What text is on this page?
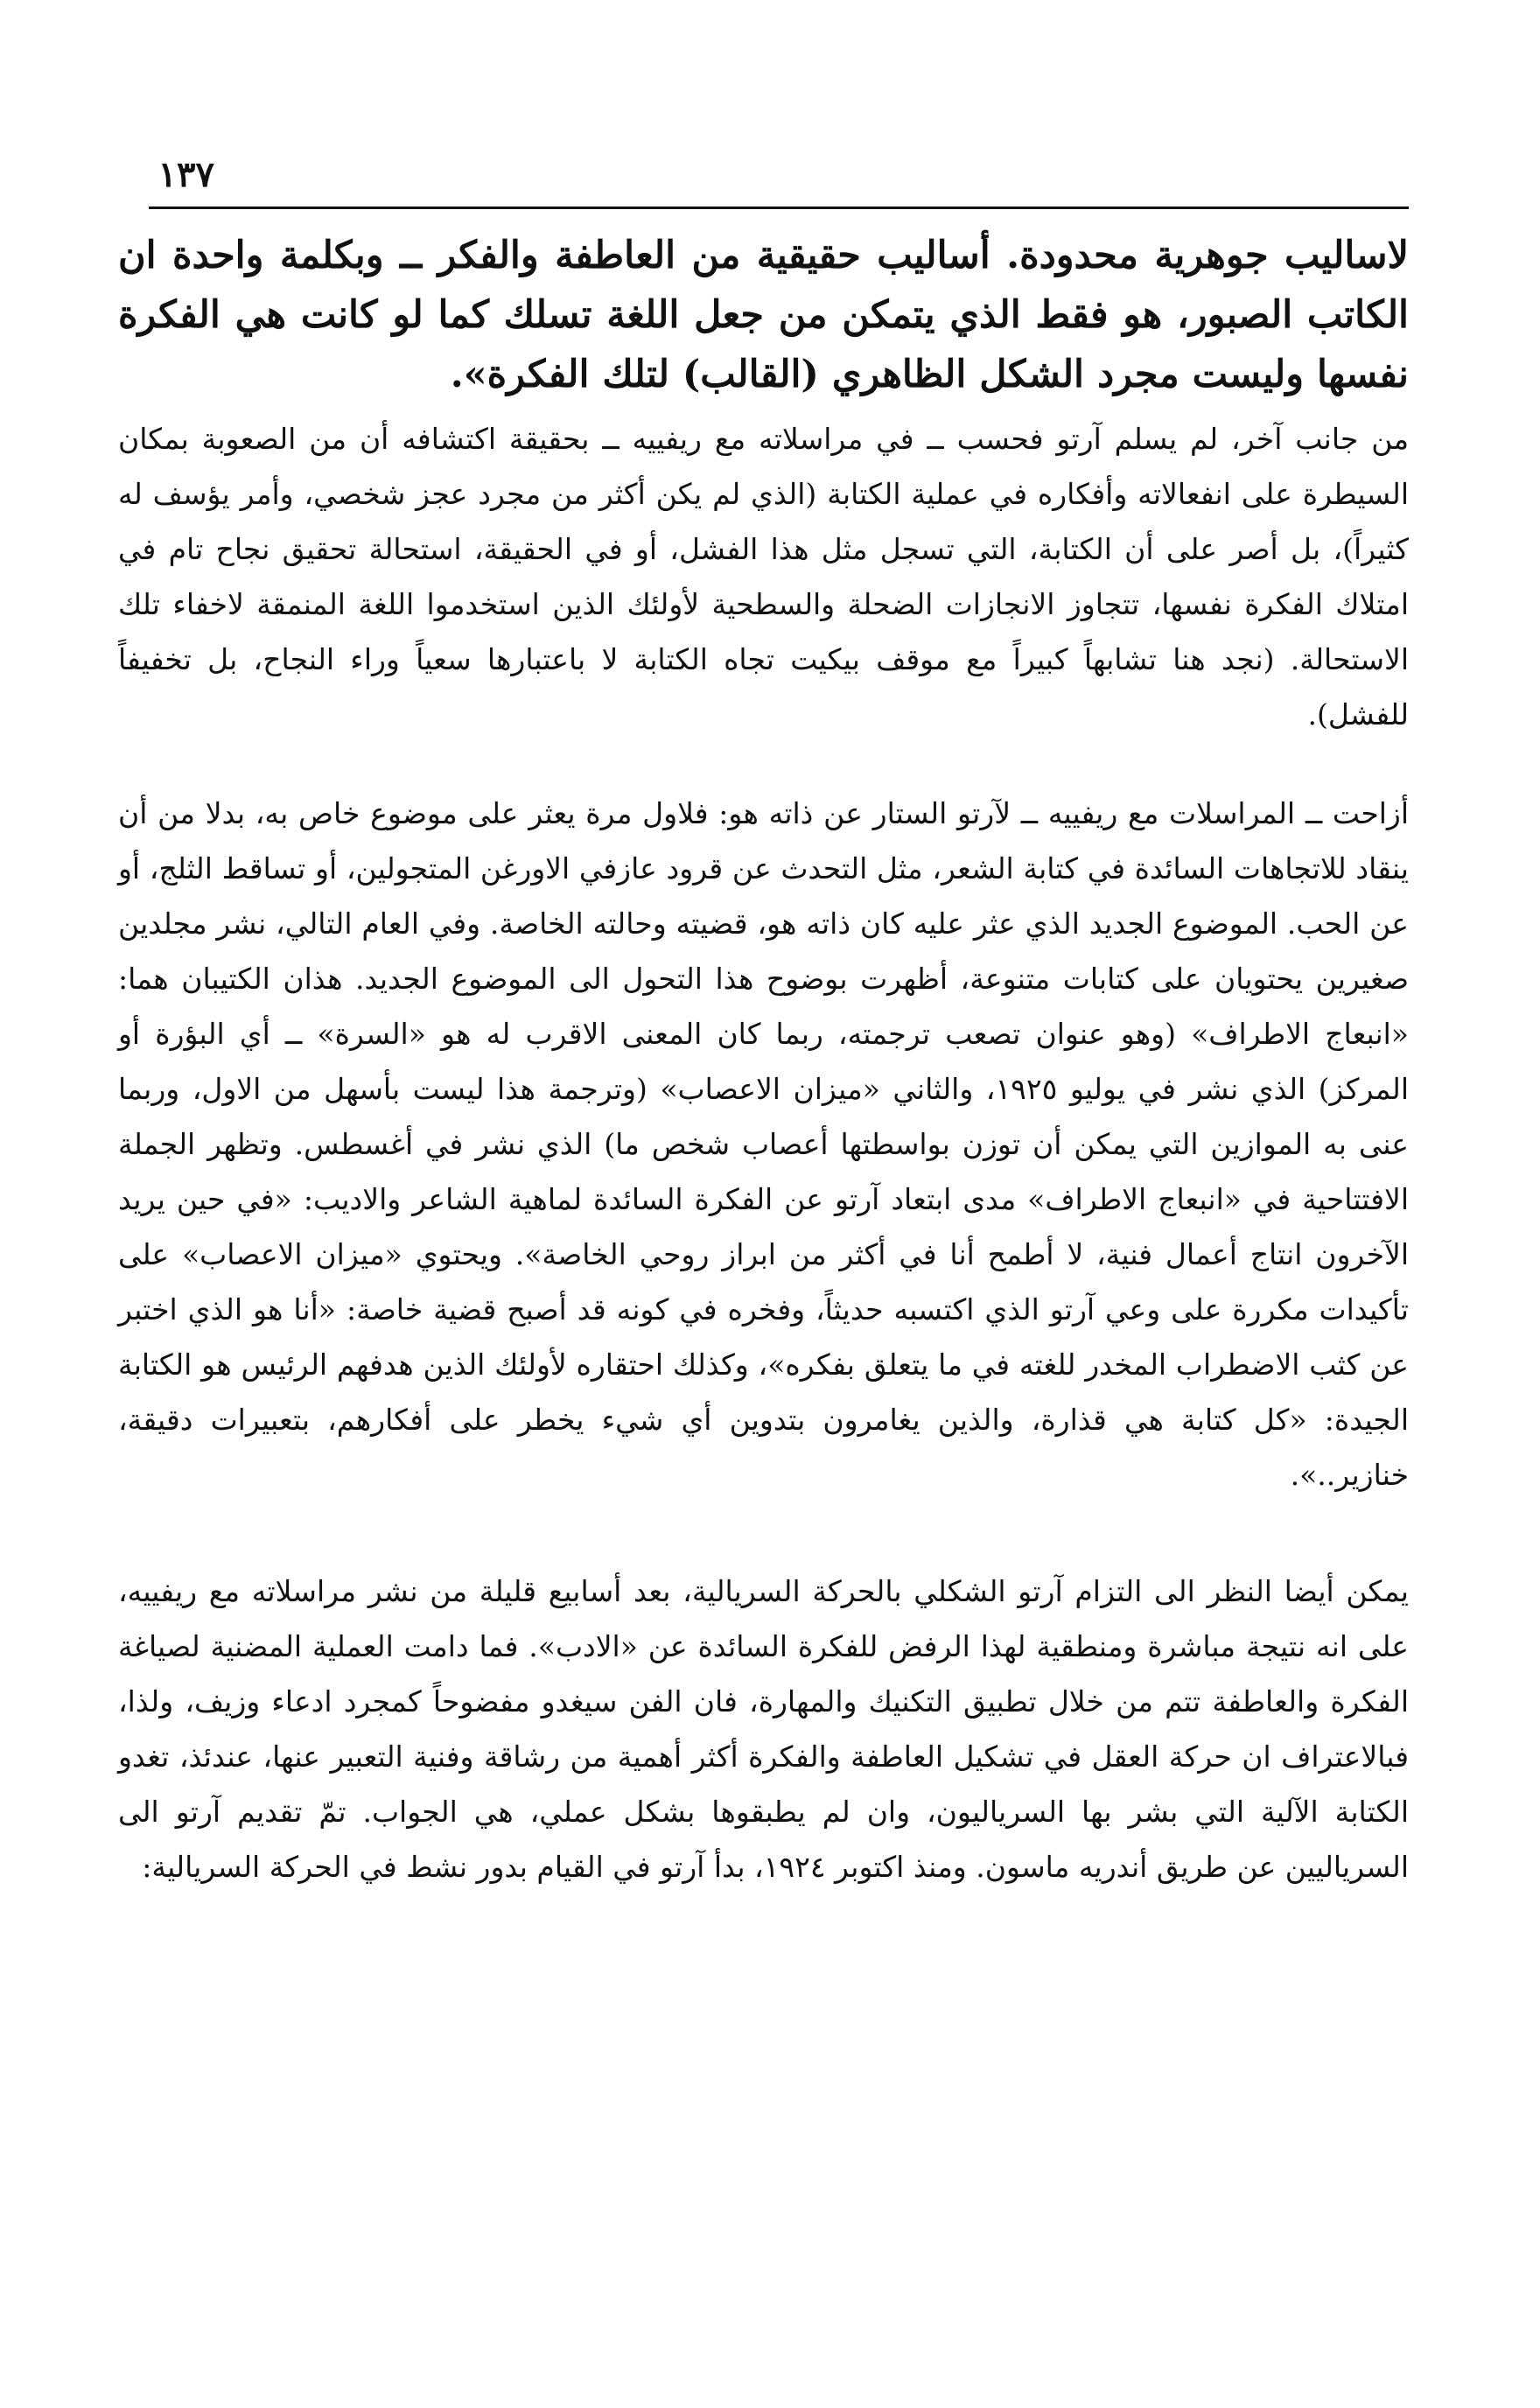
١٣٧

لاساليب جوهرية محدودة. أساليب حقيقية من العاطفة والفكر ــ وبكلمة واحدة ان الكاتب الصبور، هو فقط الذي يتمكن من جعل اللغة تسلك كما لو كانت هي الفكرة نفسها وليست مجرد الشكل الظاهري (القالب) لتلك الفكرة».

من جانب آخر، لم يسلم آرتو فحسب ــ في مراسلاته مع ريفييه ــ بحقيقة اكتشافه أن من الصعوبة بمكان السيطرة على انفعالاته وأفكاره في عملية الكتابة (الذي لم يكن أكثر من مجرد عجز شخصي، وأمر يؤسف له كثيراً)، بل أصر على أن الكتابة، التي تسجل مثل هذا الفشل، أو في الحقيقة، استحالة تحقيق نجاح تام في امتلاك الفكرة نفسها، تتجاوز الانجازات الضحلة والسطحية لأولئك الذين استخدموا اللغة المنمقة لاخفاء تلك الاستحالة. (نجد هنا تشابهاً كبيراً مع موقف بيكيت تجاه الكتابة لا باعتبارها سعياً وراء النجاح، بل تخفيفاً للفشل).

أزاحت ــ المراسلات مع ريفييه ــ لآرتو الستار عن ذاته هو: فلاول مرة يعثر على موضوع خاص به، بدلا من أن ينقاد للاتجاهات السائدة في كتابة الشعر، مثل التحدث عن قرود عازفي الاورغن المتجولين، أو تساقط الثلج، أو عن الحب. الموضوع الجديد الذي عثر عليه كان ذاته هو، قضيته وحالته الخاصة. وفي العام التالي، نشر مجلدين صغيرين يحتويان على كتابات متنوعة، أظهرت بوضوح هذا التحول الى الموضوع الجديد. هذان الكتيبان هما: «انبعاج الاطراف» (وهو عنوان تصعب ترجمته، ربما كان المعنى الاقرب له هو «السرة» ــ أي البؤرة أو المركز) الذي نشر في يوليو ١٩٢٥، والثاني «ميزان الاعصاب» (وترجمة هذا ليست بأسهل من الاول، وربما عنى به الموازين التي يمكن أن توزن بواسطتها أعصاب شخص ما) الذي نشر في أغسطس. وتظهر الجملة الافتتاحية في «انبعاج الاطراف» مدى ابتعاد آرتو عن الفكرة السائدة لماهية الشاعر والاديب: «في حين يريد الآخرون انتاج أعمال فنية، لا أطمح أنا في أكثر من ابراز روحي الخاصة». ويحتوي «ميزان الاعصاب» على تأكيدات مكررة على وعي آرتو الذي اكتسبه حديثاً، وفخره في كونه قد أصبح قضية خاصة: «أنا هو الذي اختبر عن كثب الاضطراب المخدر للغته في ما يتعلق بفكره»، وكذلك احتقاره لأولئك الذين هدفهم الرئيس هو الكتابة الجيدة: «كل كتابة هي قذارة، والذين يغامرون بتدوين أي شيء يخطر على أفكارهم، بتعبيرات دقيقة، خنازير..».

يمكن أيضا النظر الى التزام آرتو الشكلي بالحركة السريالية، بعد أسابيع قليلة من نشر مراسلاته مع ريفييه، على انه نتيجة مباشرة ومنطقية لهذا الرفض للفكرة السائدة عن «الادب». فما دامت العملية المضنية لصياغة الفكرة والعاطفة تتم من خلال تطبيق التكنيك والمهارة، فان الفن سيغدو مفضوحاً كمجرد ادعاء وزيف، ولذا، فبالاعتراف ان حركة العقل في تشكيل العاطفة والفكرة أكثر أهمية من رشاقة وفنية التعبير عنها، عندئذ، تغدو الكتابة الآلية التي بشر بها السرياليون، وان لم يطبقوها بشكل عملي، هي الجواب. تمّ تقديم آرتو الى السرياليين عن طريق أندريه ماسون. ومنذ اكتوبر ١٩٢٤، بدأ آرتو في القيام بدور نشط في الحركة السريالية:
